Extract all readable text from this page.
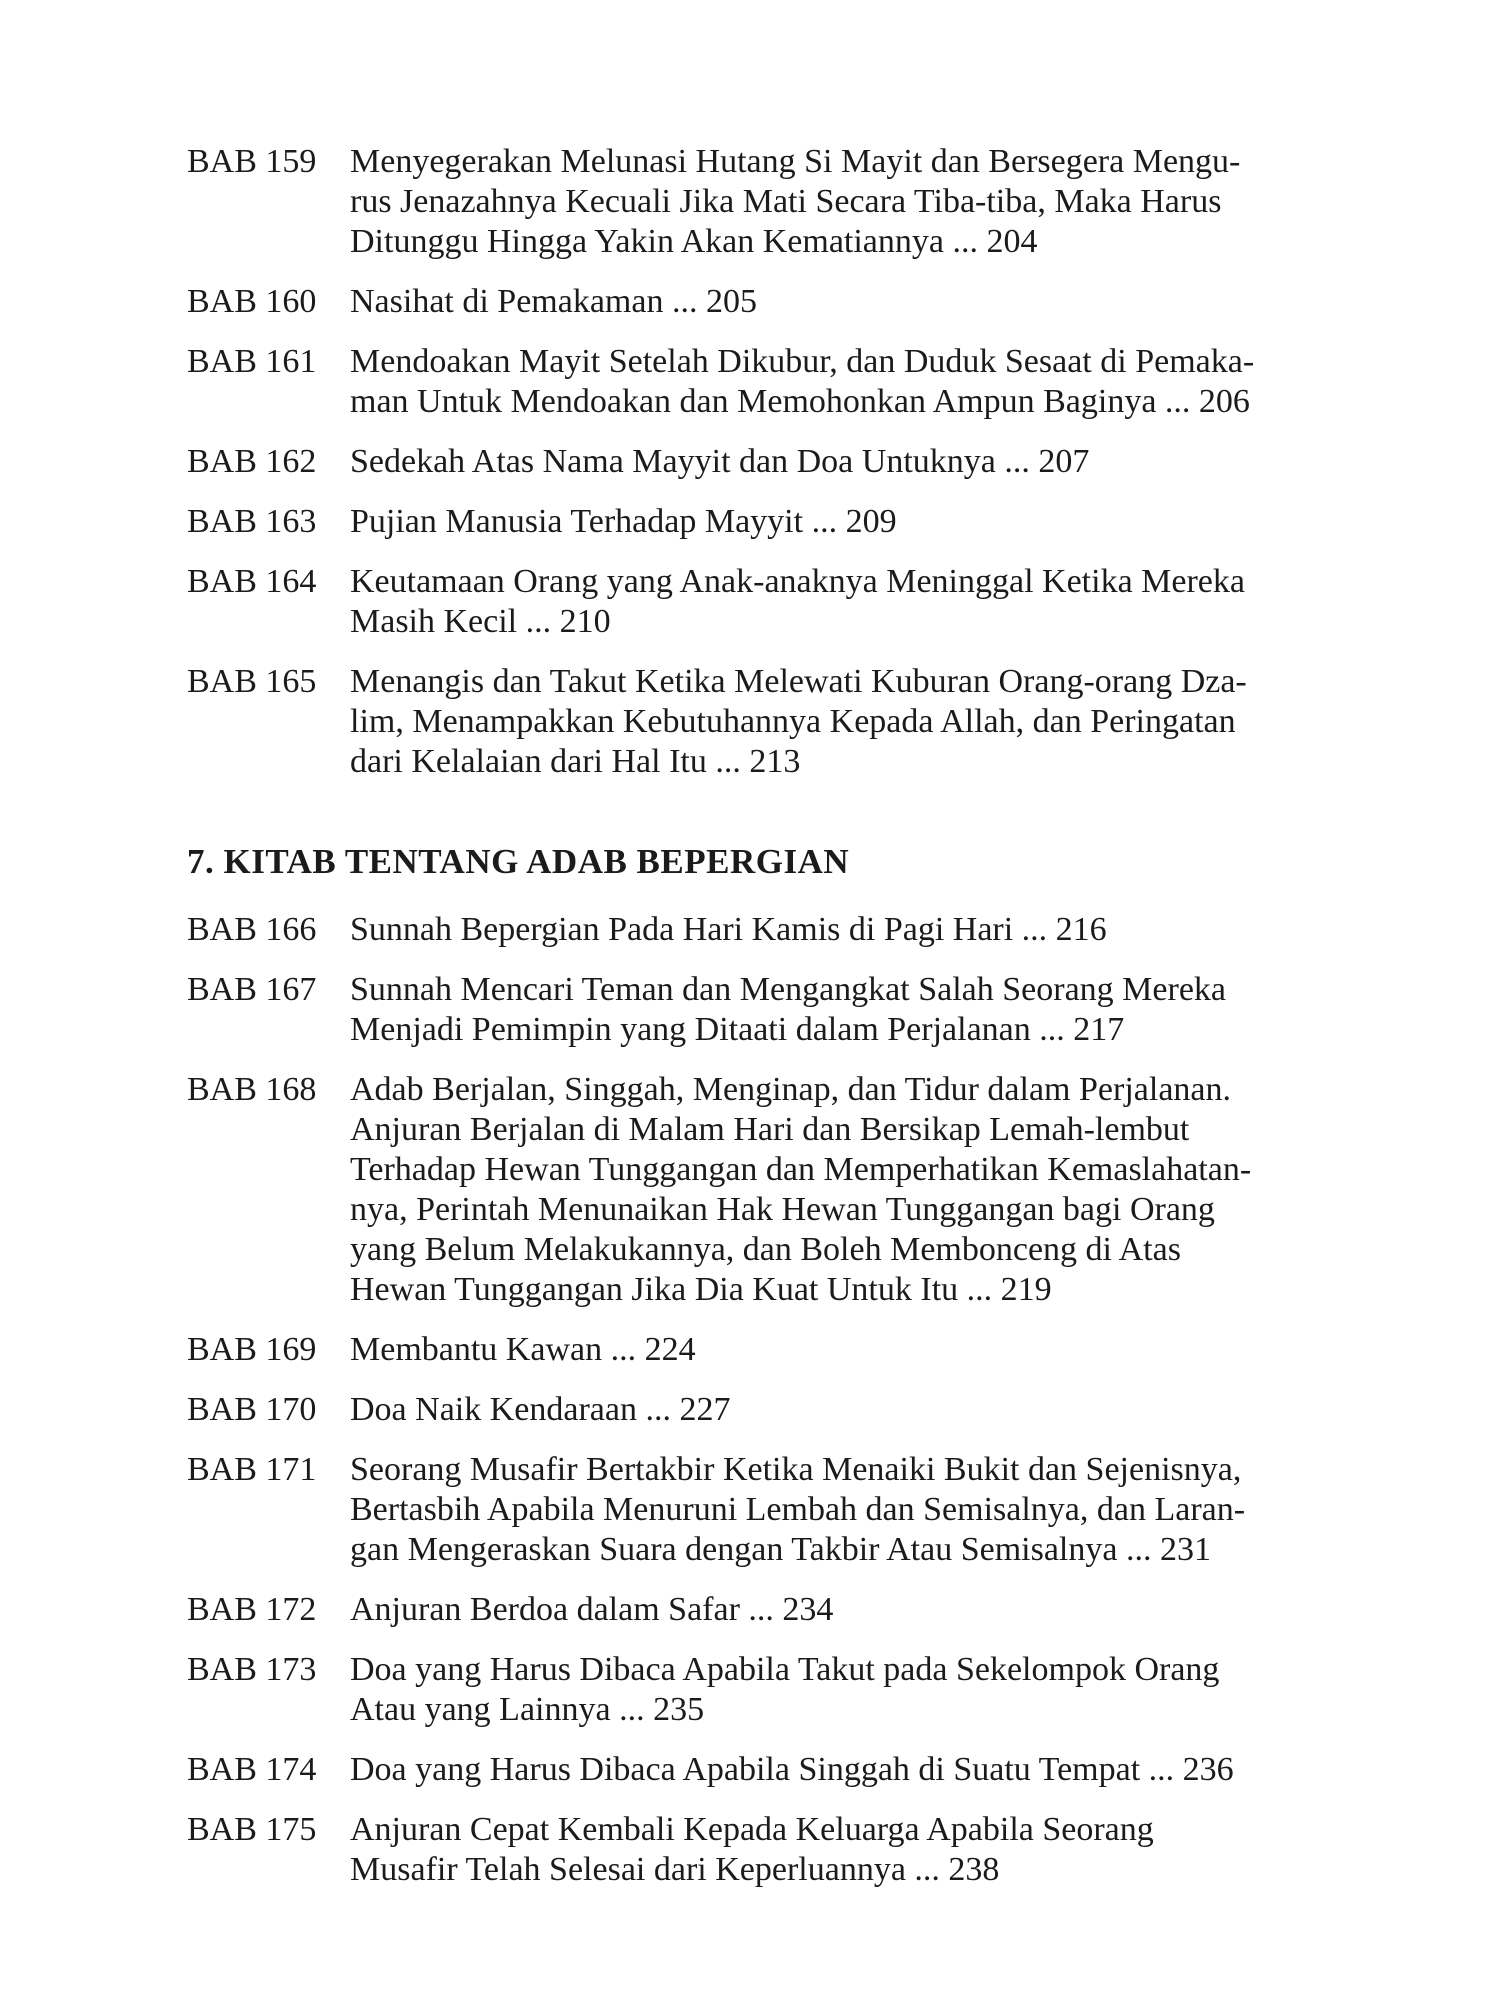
BAB 159 Menyegerakan Melunasi Hutang Si Mayit dan Bersegera Mengu-
rus Jenazahnya Kecuali Jika Mati Secara Tiba-tiba, Maka Harus
Ditunggu Hingga Yakin Akan Kematiannya ... 204
BAB 160 Nasihat di Pemakaman ... 205
BAB 161 Mendoakan Mayit Setelah Dikubur, dan Duduk Sesaat di Pemaka-
man Untuk Mendoakan dan Memohonkan Ampun Baginya ... 206
BAB 162 Sedekah Atas Nama Mayyit dan Doa Untuknya ... 207
BAB 163 Pujian Manusia Terhadap Mayyit ... 209
BAB 164 Keutamaan Orang yang Anak-anaknya Meninggal Ketika Mereka
Masih Kecil ... 210
BAB 165 Menangis dan Takut Ketika Melewati Kuburan Orang-orang Dza-
lim, Menampakkan Kebutuhannya Kepada Allah, dan Peringatan
dari Kelalaian dari Hal Itu ... 213
7. KITAB TENTANG ADAB BEPERGIAN
BAB 166 Sunnah Bepergian Pada Hari Kamis di Pagi Hari ... 216
BAB 167 Sunnah Mencari Teman dan Mengangkat Salah Seorang Mereka
Menjadi Pemimpin yang Ditaati dalam Perjalanan ... 217
BAB 168 Adab Berjalan, Singgah, Menginap, dan Tidur dalam Perjalanan.
Anjuran Berjalan di Malam Hari dan Bersikap Lemah-lembut
Terhadap Hewan Tunggangan dan Memperhatikan Kemaslahatan-
nya, Perintah Menunaikan Hak Hewan Tunggangan bagi Orang
yang Belum Melakukannya, dan Boleh Membonceng di Atas
Hewan Tunggangan Jika Dia Kuat Untuk Itu ... 219
BAB 169 Membantu Kawan ... 224
BAB 170 Doa Naik Kendaraan ... 227
BAB 171 Seorang Musafir Bertakbir Ketika Menaiki Bukit dan Sejenisnya,
Bertasbih Apabila Menuruni Lembah dan Semisalnya, dan Laran-
gan Mengeraskan Suara dengan Takbir Atau Semisalnya ... 231
BAB 172 Anjuran Berdoa dalam Safar ... 234
BAB 173 Doa yang Harus Dibaca Apabila Takut pada Sekelompok Orang
Atau yang Lainnya ... 235
BAB 174 Doa yang Harus Dibaca Apabila Singgah di Suatu Tempat ... 236
BAB 175 Anjuran Cepat Kembali Kepada Keluarga Apabila Seorang
Musafir Telah Selesai dari Keperluannya ... 238
